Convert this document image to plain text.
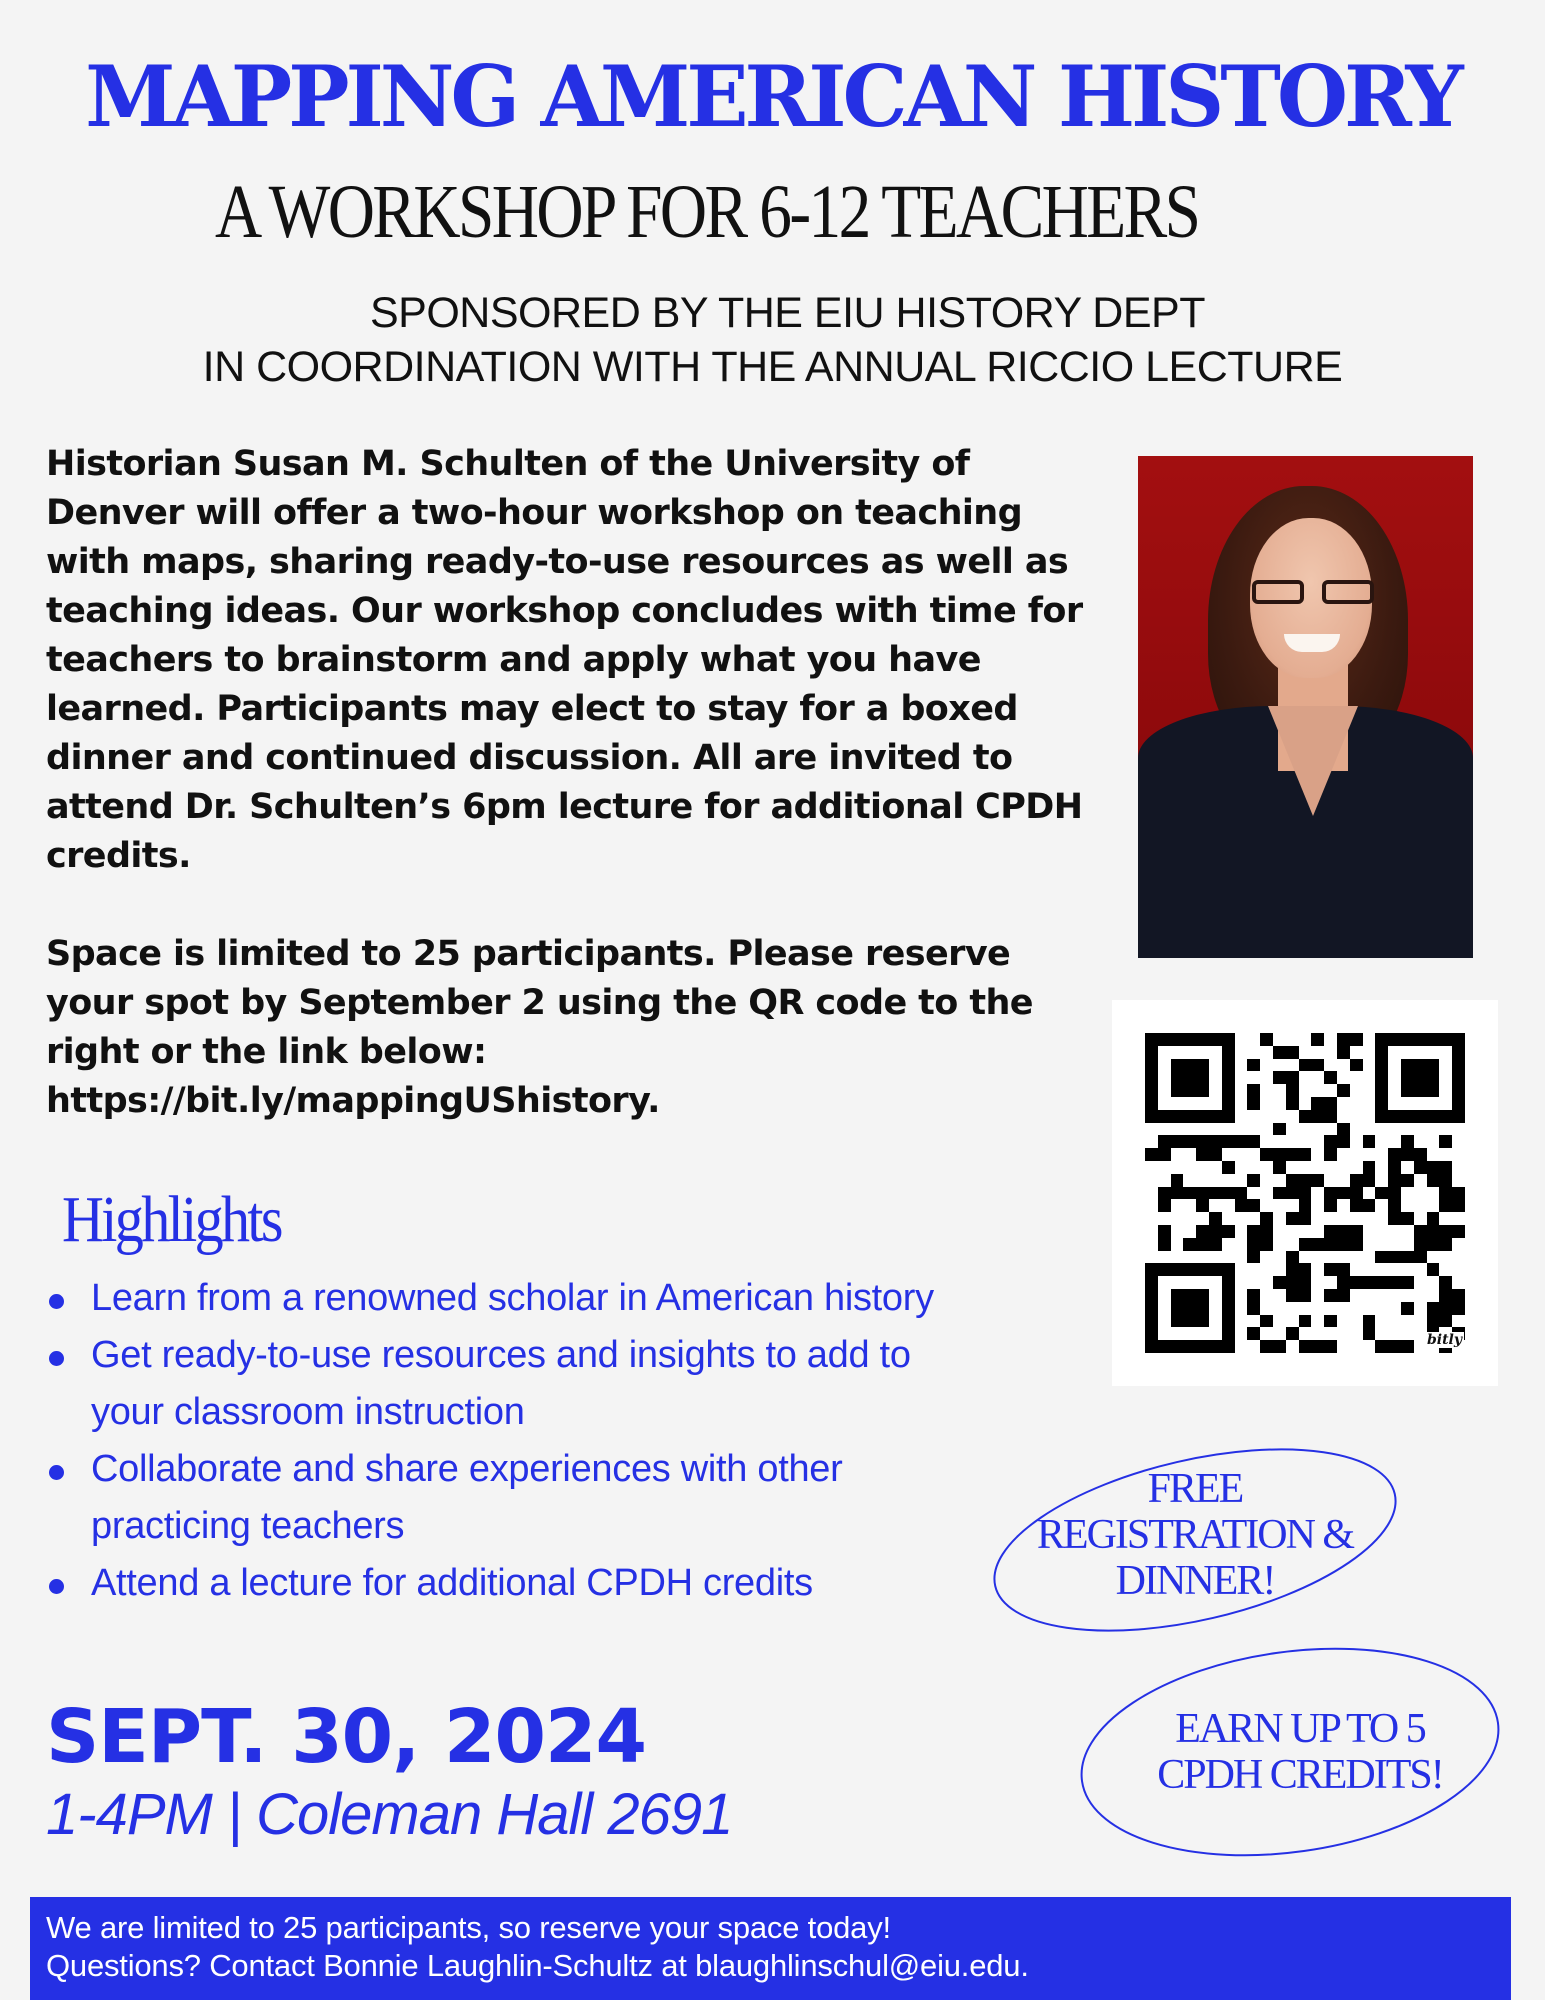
MAPPING AMERICAN HISTORY
A WORKSHOP FOR 6-12 TEACHERS
SPONSORED BY THE EIU HISTORY DEPT
IN COORDINATION WITH THE ANNUAL RICCIO LECTURE

Historian Susan M. Schulten of the University of Denver will offer a two-hour workshop on teaching with maps, sharing ready-to-use resources as well as teaching ideas. Our workshop concludes with time for teachers to brainstorm and apply what you have learned. Participants may elect to stay for a boxed dinner and continued discussion. All are invited to attend Dr. Schulten’s 6pm lecture for additional CPDH credits.

Space is limited to 25 participants. Please reserve your spot by September 2 using the QR code to the right or the link below: https://bit.ly/mappingUShistory.

bitly
Highlights
Learn from a renowned scholar in American history
Get ready-to-use resources and insights to add to your classroom instruction
Collaborate and share experiences with other practicing teachers
Attend a lecture for additional CPDH credits
SEPT. 30, 2024
1-4PM | Coleman Hall 2691
FREE
REGISTRATION &
DINNER!
EARN UP TO 5
CPDH CREDITS!
We are limited to 25 participants, so reserve your space today!
Questions? Contact Bonnie Laughlin-Schultz at blaughlinschul@eiu.edu.
